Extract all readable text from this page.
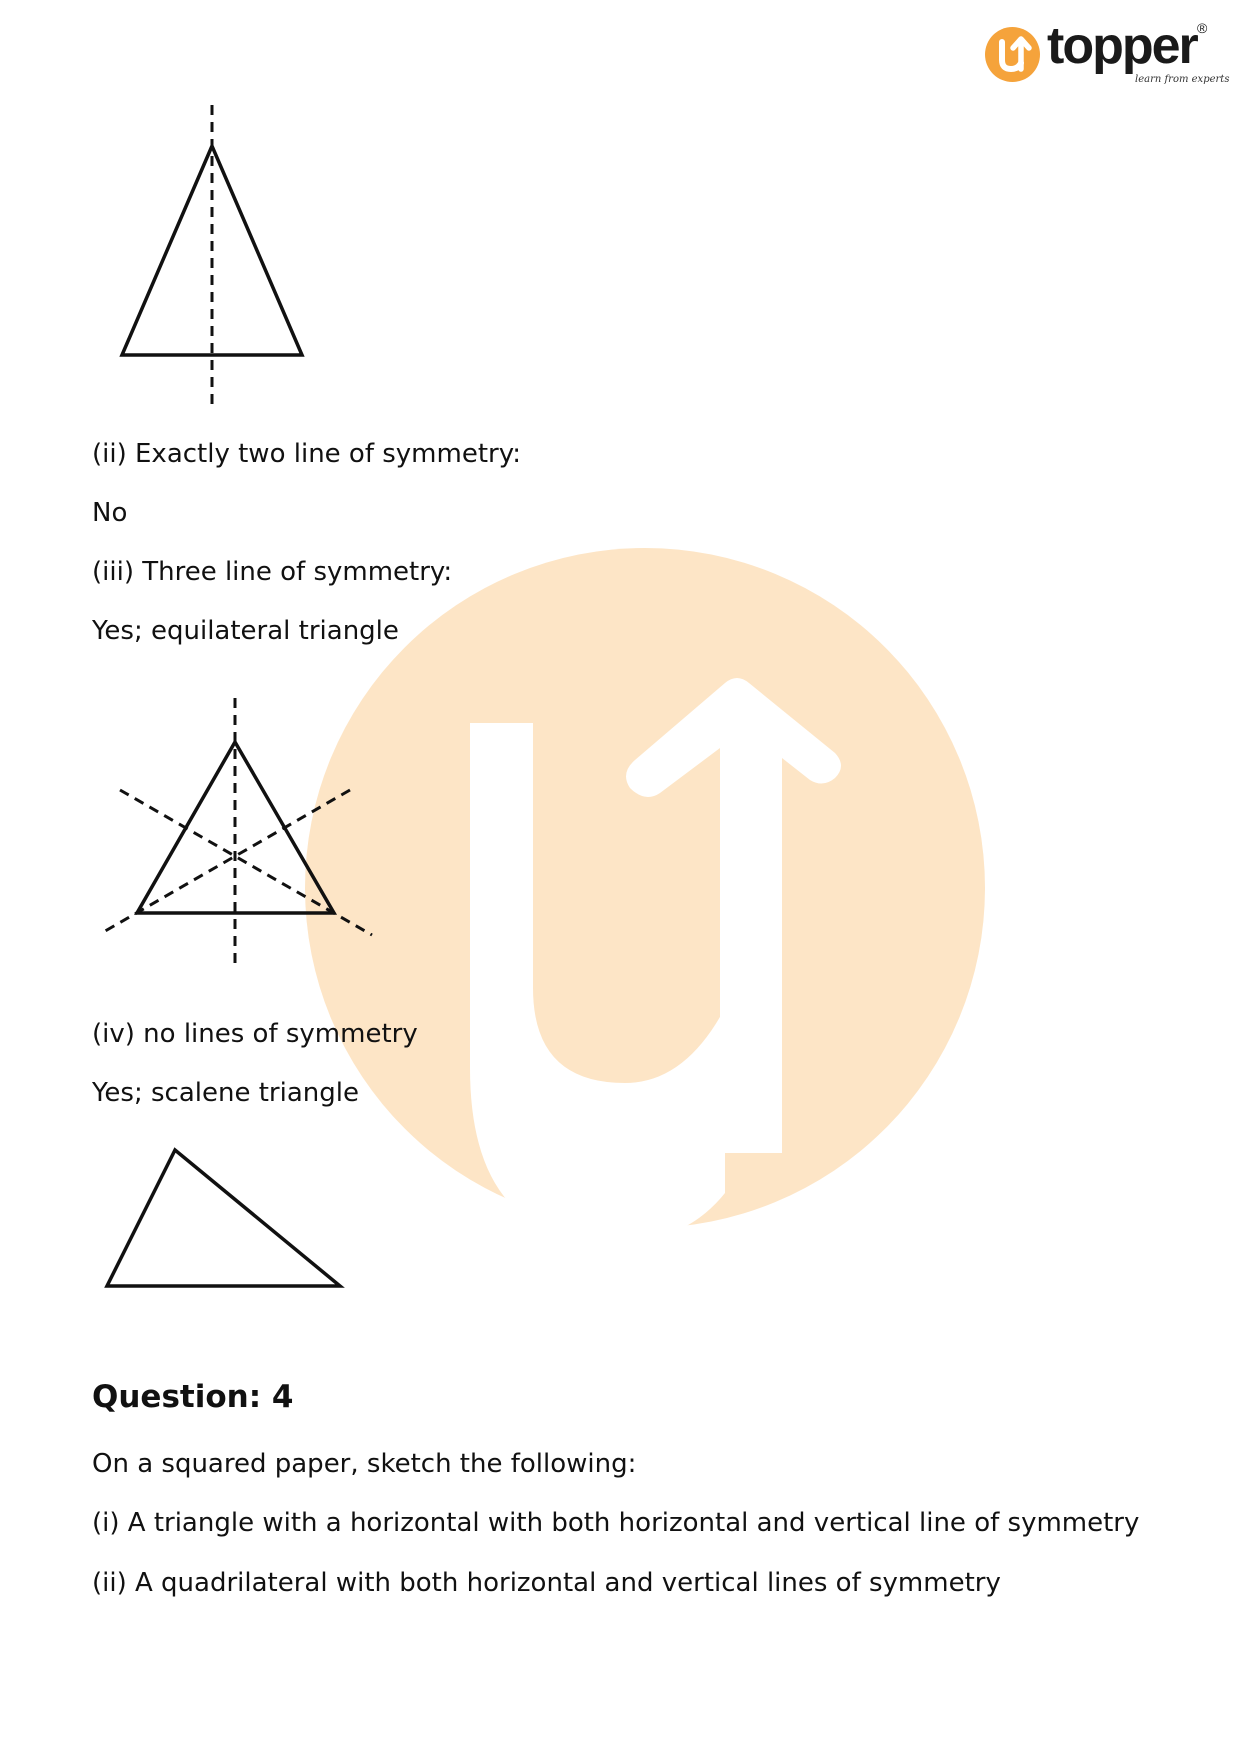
topper ®
learn from experts
(ii) Exactly two line of symmetry:
No
(iii) Three line of symmetry:
Yes; equilateral triangle
(iv) no lines of symmetry
Yes; scalene triangle
Question: 4
On a squared paper, sketch the following:
(i) A triangle with a horizontal with both horizontal and vertical line of symmetry
(ii) A quadrilateral with both horizontal and vertical lines of symmetry
